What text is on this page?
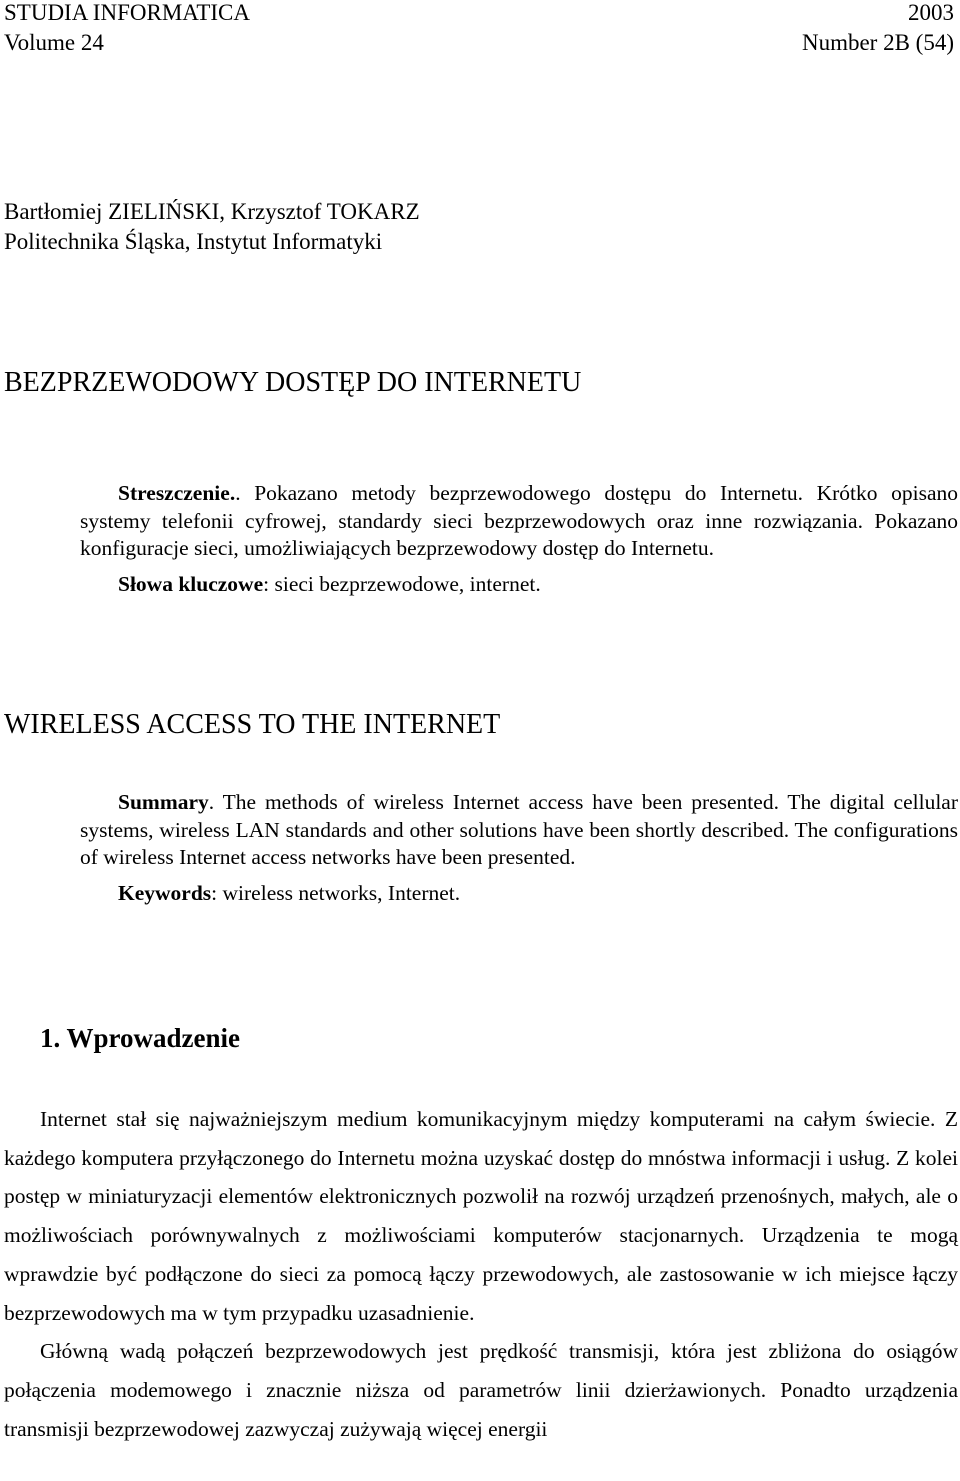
STUDIA INFORMATICA	2003
Volume 24	Number 2B (54)
Bartłomiej ZIELIŃSKI, Krzysztof TOKARZ
Politechnika Śląska, Instytut Informatyki
BEZPRZEWODOWY DOSTĘP DO INTERNETU

Streszczenie.. Pokazano metody bezprzewodowego dostępu do Internetu. Krótko opisano systemy telefonii cyfrowej, standardy sieci bezprzewodowych oraz inne rozwiązania. Pokazano konfiguracje sieci, umożliwiających bezprzewodowy dostęp do Internetu.

Słowa kluczowe: sieci bezprzewodowe, internet.

WIRELESS ACCESS TO THE INTERNET

Summary. The methods of wireless Internet access have been presented. The digital cellular systems, wireless LAN standards and other solutions have been shortly described. The configurations of wireless Internet access networks have been presented.

Keywords: wireless networks, Internet.

1. Wprowadzenie

Internet stał się najważniejszym medium komunikacyjnym między komputerami na całym świecie. Z każdego komputera przyłączonego do Internetu można uzyskać dostęp do mnóstwa informacji i usług. Z kolei postęp w miniaturyzacji elementów elektronicznych pozwolił na rozwój urządzeń przenośnych, małych, ale o możliwościach porównywalnych z możliwościami komputerów stacjonarnych. Urządzenia te mogą wprawdzie być podłączone do sieci za pomocą łączy przewodowych, ale zastosowanie w ich miejsce łączy bezprzewodowych ma w tym przypadku uzasadnienie.

Główną wadą połączeń bezprzewodowych jest prędkość transmisji, która jest zbliżona do osiągów połączenia modemowego i znacznie niższa od parametrów linii dzierżawionych. Ponadto urządzenia transmisji bezprzewodowej zazwyczaj zużywają więcej energii
